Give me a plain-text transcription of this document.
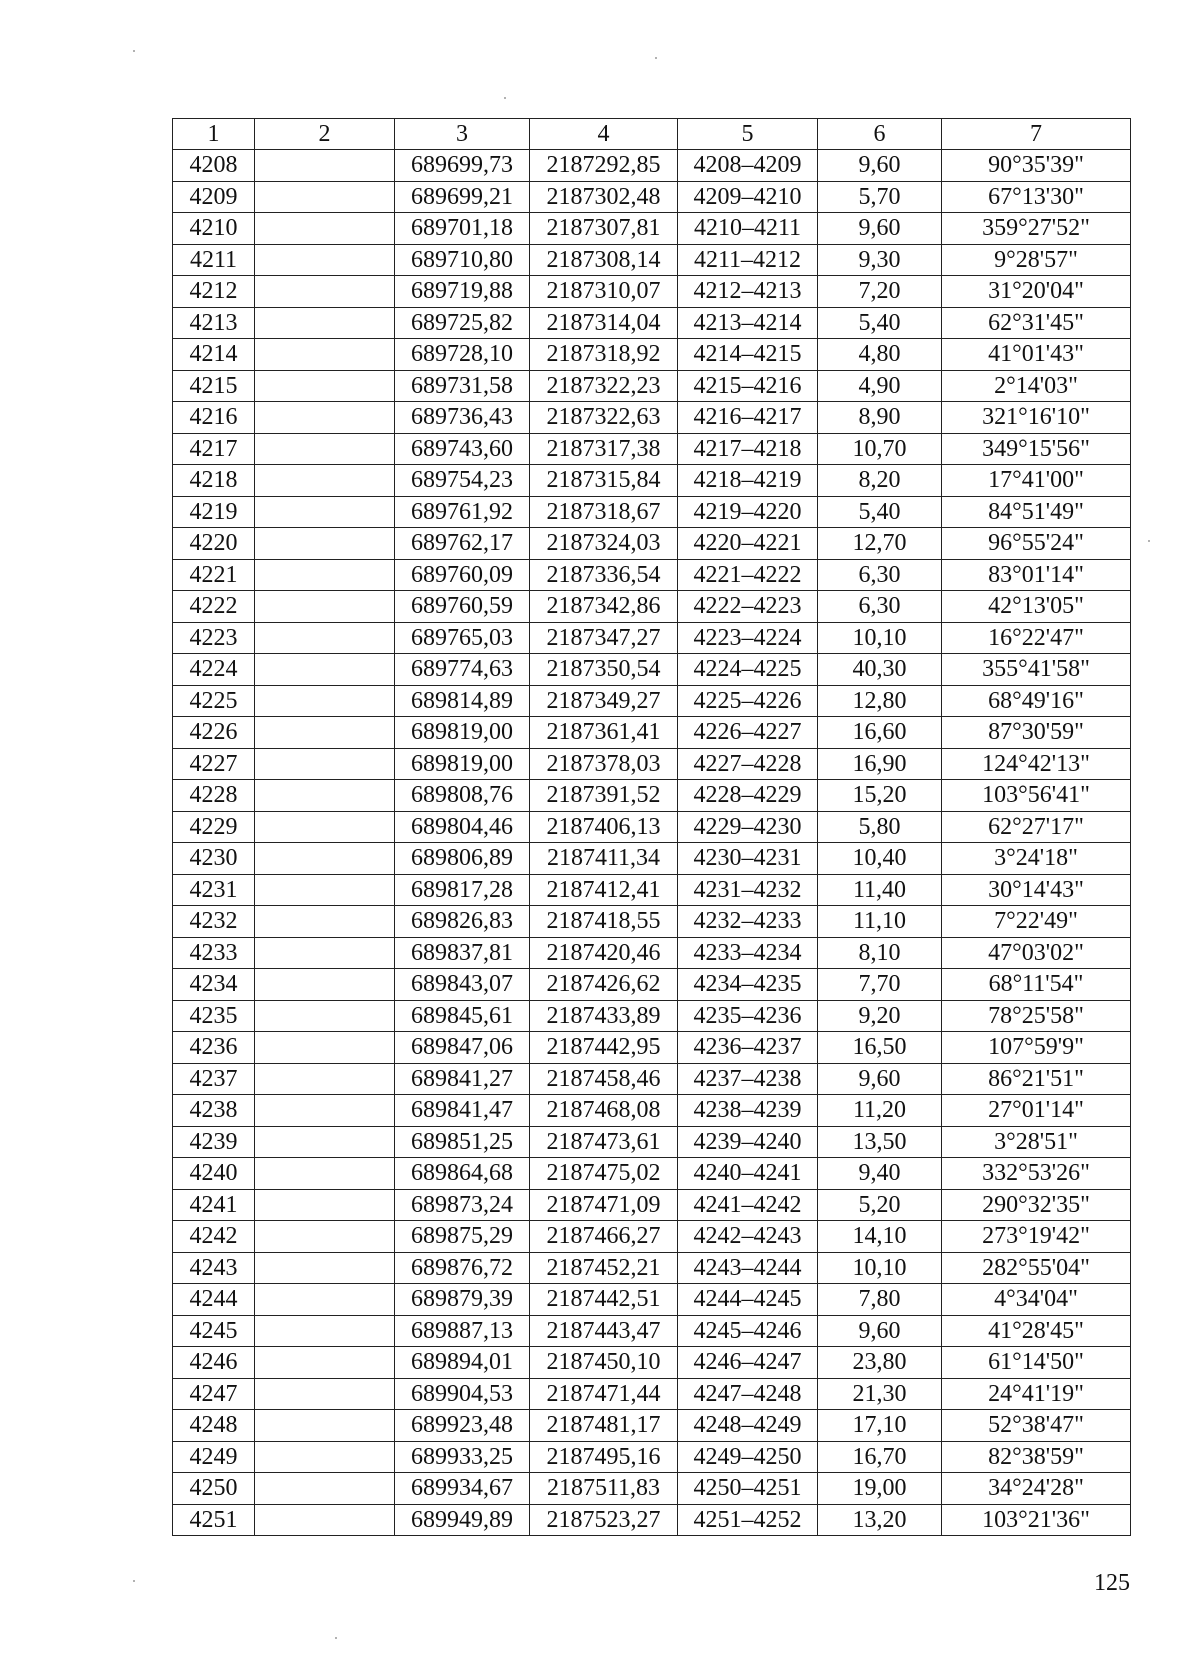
1	2	3	4	5	6	7
4208		689699,73	2187292,85	4208–4209	9,60	90°35'39"
4209		689699,21	2187302,48	4209–4210	5,70	67°13'30"
4210		689701,18	2187307,81	4210–4211	9,60	359°27'52"
4211		689710,80	2187308,14	4211–4212	9,30	9°28'57"
4212		689719,88	2187310,07	4212–4213	7,20	31°20'04"
4213		689725,82	2187314,04	4213–4214	5,40	62°31'45"
4214		689728,10	2187318,92	4214–4215	4,80	41°01'43"
4215		689731,58	2187322,23	4215–4216	4,90	2°14'03"
4216		689736,43	2187322,63	4216–4217	8,90	321°16'10"
4217		689743,60	2187317,38	4217–4218	10,70	349°15'56"
4218		689754,23	2187315,84	4218–4219	8,20	17°41'00"
4219		689761,92	2187318,67	4219–4220	5,40	84°51'49"
4220		689762,17	2187324,03	4220–4221	12,70	96°55'24"
4221		689760,09	2187336,54	4221–4222	6,30	83°01'14"
4222		689760,59	2187342,86	4222–4223	6,30	42°13'05"
4223		689765,03	2187347,27	4223–4224	10,10	16°22'47"
4224		689774,63	2187350,54	4224–4225	40,30	355°41'58"
4225		689814,89	2187349,27	4225–4226	12,80	68°49'16"
4226		689819,00	2187361,41	4226–4227	16,60	87°30'59"
4227		689819,00	2187378,03	4227–4228	16,90	124°42'13"
4228		689808,76	2187391,52	4228–4229	15,20	103°56'41"
4229		689804,46	2187406,13	4229–4230	5,80	62°27'17"
4230		689806,89	2187411,34	4230–4231	10,40	3°24'18"
4231		689817,28	2187412,41	4231–4232	11,40	30°14'43"
4232		689826,83	2187418,55	4232–4233	11,10	7°22'49"
4233		689837,81	2187420,46	4233–4234	8,10	47°03'02"
4234		689843,07	2187426,62	4234–4235	7,70	68°11'54"
4235		689845,61	2187433,89	4235–4236	9,20	78°25'58"
4236		689847,06	2187442,95	4236–4237	16,50	107°59'9"
4237		689841,27	2187458,46	4237–4238	9,60	86°21'51"
4238		689841,47	2187468,08	4238–4239	11,20	27°01'14"
4239		689851,25	2187473,61	4239–4240	13,50	3°28'51"
4240		689864,68	2187475,02	4240–4241	9,40	332°53'26"
4241		689873,24	2187471,09	4241–4242	5,20	290°32'35"
4242		689875,29	2187466,27	4242–4243	14,10	273°19'42"
4243		689876,72	2187452,21	4243–4244	10,10	282°55'04"
4244		689879,39	2187442,51	4244–4245	7,80	4°34'04"
4245		689887,13	2187443,47	4245–4246	9,60	41°28'45"
4246		689894,01	2187450,10	4246–4247	23,80	61°14'50"
4247		689904,53	2187471,44	4247–4248	21,30	24°41'19"
4248		689923,48	2187481,17	4248–4249	17,10	52°38'47"
4249		689933,25	2187495,16	4249–4250	16,70	82°38'59"
4250		689934,67	2187511,83	4250–4251	19,00	34°24'28"
4251		689949,89	2187523,27	4251–4252	13,20	103°21'36"
125
